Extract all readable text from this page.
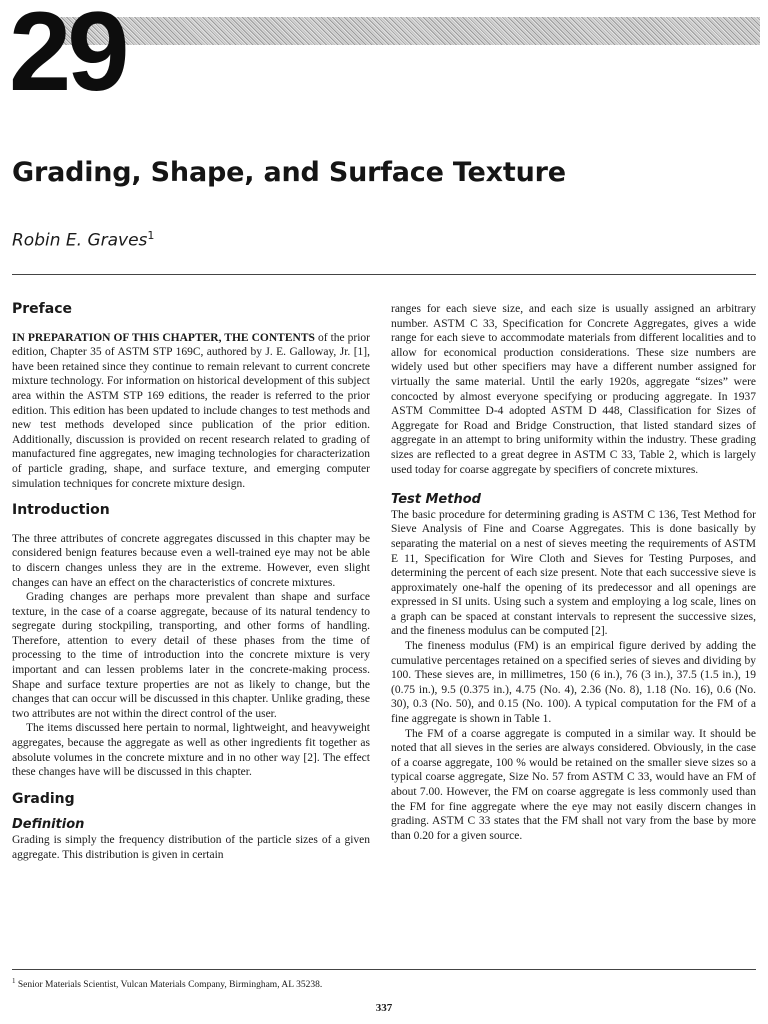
29
Grading, Shape, and Surface Texture
Robin E. Graves$^1$
Preface

IN PREPARATION OF THIS CHAPTER, THE CONTENTS of the prior edition, Chapter 35 of ASTM STP 169C, authored by J. E. Galloway, Jr. [1], have been retained since they continue to remain relevant to current concrete mixture technology. For information on historical development of this subject area within the ASTM STP 169 editions, the reader is referred to the prior edition. This edition has been updated to include changes to test methods and new test methods developed since publication of the prior edition. Additionally, discussion is provided on recent research related to grading of manufactured fine aggregates, new imaging technologies for characterization of particle grading, shape, and surface texture, and emerging computer simulation techniques for concrete mixture design.

Introduction

The three attributes of concrete aggregates discussed in this chapter may be considered benign features because even a well-trained eye may not be able to discern changes unless they are in the extreme. However, even slight changes can have an effect on the characteristics of concrete mixtures.

Grading changes are perhaps more prevalent than shape and surface texture, in the case of a coarse aggregate, because of its natural tendency to segregate during stockpiling, transporting, and other forms of handling. Therefore, attention to every detail of these phases from the time of processing to the time of introduction into the concrete mixture is very important and can lessen problems later in the concrete-making process. Shape and surface texture properties are not as likely to change, but the changes that can occur will be discussed in this chapter. Unlike grading, these two attributes are not within the direct control of the user.

The items discussed here pertain to normal, lightweight, and heavyweight aggregates, because the aggregate as well as other ingredients fit together as absolute volumes in the concrete mixture and in no other way [2]. The effect these changes have will be discussed in this chapter.

Grading
Definition

Grading is simply the frequency distribution of the particle sizes of a given aggregate. This distribution is given in certain

ranges for each sieve size, and each size is usually assigned an arbitrary number. ASTM C 33, Specification for Concrete Aggregates, gives a wide range for each sieve to accommodate materials from different localities and to allow for economical production considerations. These size numbers are widely used but other specifiers may have a different number assigned for virtually the same material. Until the early 1920s, aggregate “sizes” were concocted by almost everyone specifying or producing aggregate. In 1937 ASTM Committee D-4 adopted ASTM D 448, Classification for Sizes of Aggregate for Road and Bridge Construction, that listed standard sizes of aggregate in an attempt to bring uniformity within the industry. These grading sizes are reflected to a great degree in ASTM C 33, Table 2, which is largely used today for coarse aggregate by specifiers of concrete mixtures.

Test Method

The basic procedure for determining grading is ASTM C 136, Test Method for Sieve Analysis of Fine and Coarse Aggregates. This is done basically by separating the material on a nest of sieves meeting the requirements of ASTM E 11, Specification for Wire Cloth and Sieves for Testing Purposes, and determining the percent of each size present. Note that each successive sieve is approximately one-half the opening of its predecessor and all openings are expressed in SI units. Using such a system and employing a log scale, lines on a graph can be spaced at constant intervals to represent the successive sizes, and the fineness modulus can be computed [2].

The fineness modulus (FM) is an empirical figure derived by adding the cumulative percentages retained on a specified series of sieves and dividing by 100. These sieves are, in millimetres, 150 (6 in.), 76 (3 in.), 37.5 (1.5 in.), 19 (0.75 in.), 9.5 (0.375 in.), 4.75 (No. 4), 2.36 (No. 8), 1.18 (No. 16), 0.6 (No. 30), 0.3 (No. 50), and 0.15 (No. 100). A typical computation for the FM of a fine aggregate is shown in Table 1.

The FM of a coarse aggregate is computed in a similar way. It should be noted that all sieves in the series are always considered. Obviously, in the case of a coarse aggregate, 100 % would be retained on the smaller sieve sizes so a typical coarse aggregate, Size No. 57 from ASTM C 33, would have an FM of about 7.00. However, the FM on coarse aggregate is less commonly used than the FM for fine aggregate where the eye may not easily discern changes in grading. ASTM C 33 states that the FM shall not vary from the base by more than 0.20 for a given source.

$^1$ Senior Materials Scientist, Vulcan Materials Company, Birmingham, AL 35238.
337
